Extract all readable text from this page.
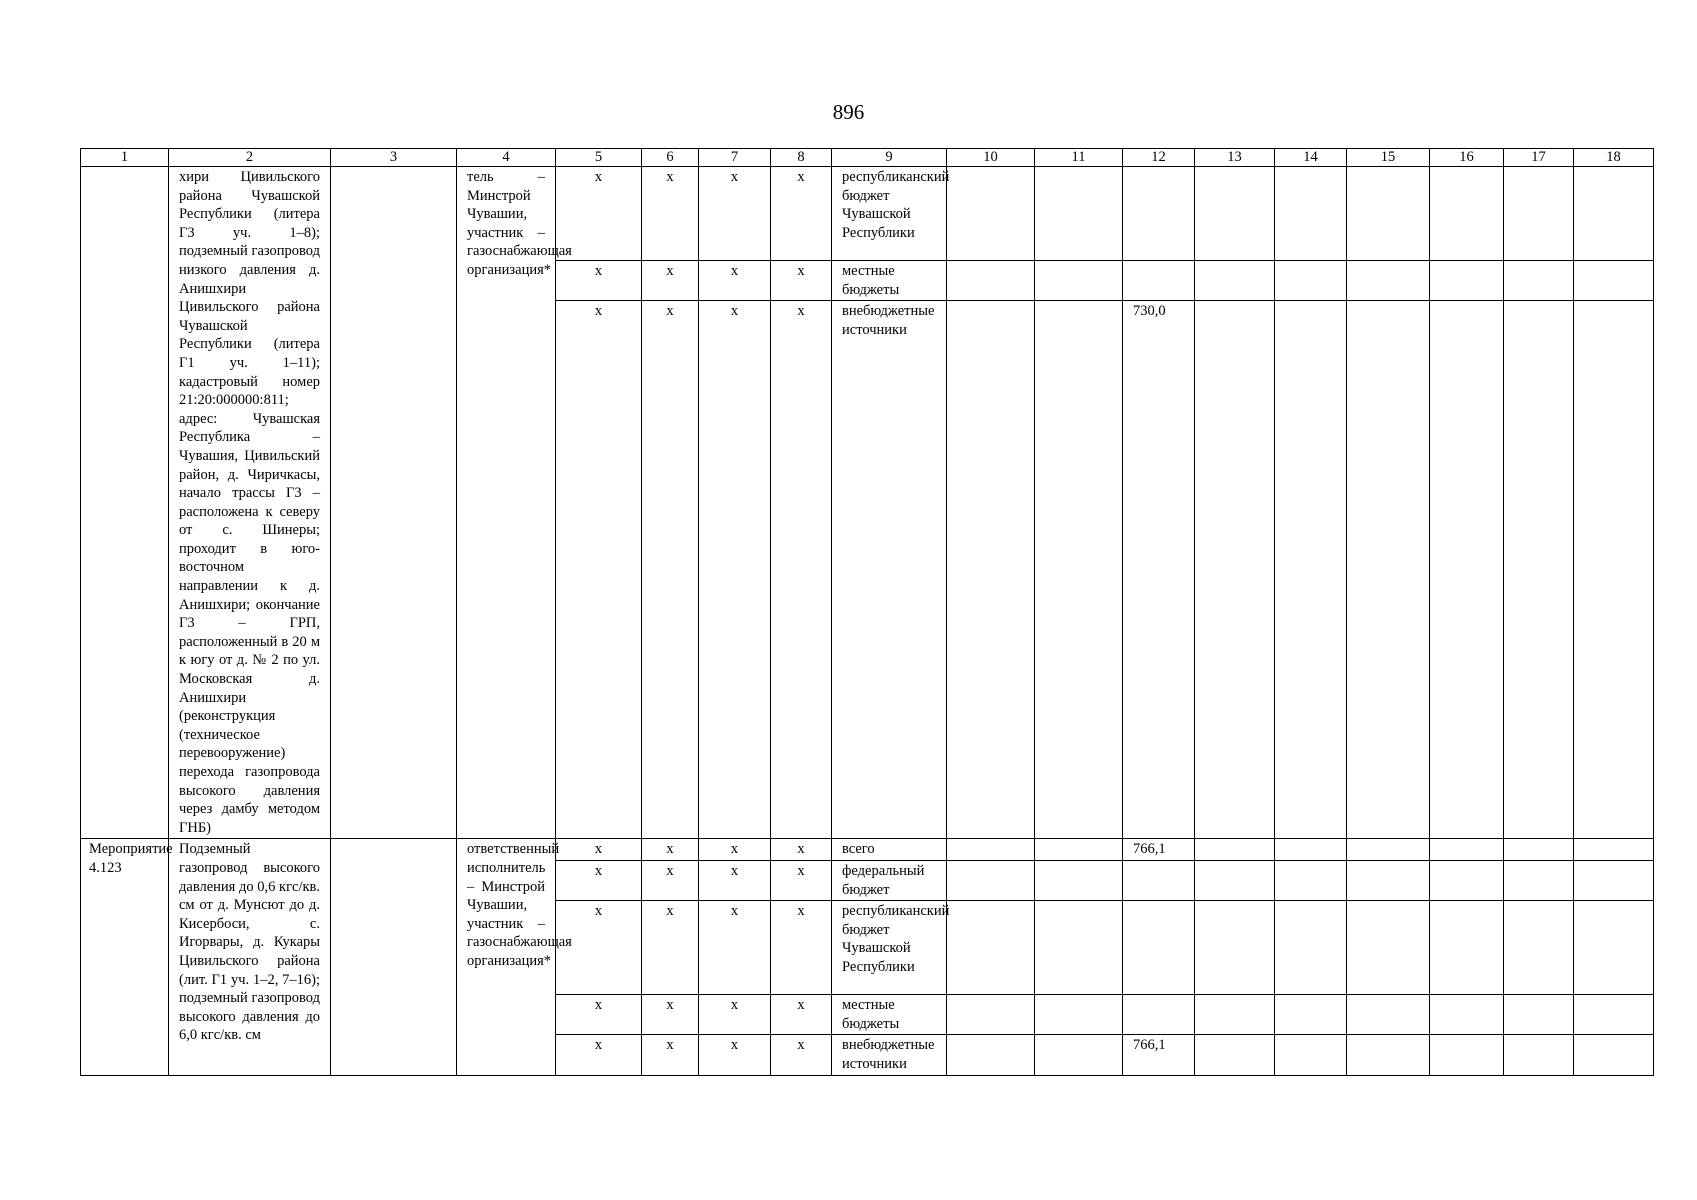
896
1	2	3	4	5	6	7	8	9	10	11	12	13	14	15	16	17	18
	хири Цивильского района Чувашской Республики (литера Г3 уч. 1–8); подземный газопровод низкого давления д. Анишхири Цивильского района Чувашской Республики (литера Г1 уч. 1–11); кадастровый номер 21:20:000000:811; адрес: Чувашская Республика – Чувашия, Цивильский район, д. Чиричкасы, начало трассы Г3 – расположена к северу от с. Шинеры; проходит в юго-восточном направлении к д. Анишхири; окончание Г3 – ГРП, расположенный в 20 м к югу от д. № 2 по ул. Московская д. Анишхири (реконструкция (техническое перевооружение) перехода газопровода высокого давления через дамбу методом ГНБ)		тель – Минстрой Чувашии, участник – газоснабжающая организация*	х	х	х	х	республиканский бюджет Чувашской Республики									
				х	х	х	х	местные бюджеты									
				х	х	х	х	внебюджетные источники			730,0						
Мероприятие 4.123	Подземный газопровод высокого давления до 0,6 кгс/кв. см от д. Мунсют до д. Кисербоси, с. Игорвары, д. Кукары Цивильского района (лит. Г1 уч. 1–2, 7–16); подземный газопровод высокого давления до 6,0 кгс/кв. см		ответственный исполнитель – Минстрой Чувашии, участник – газоснабжающая организация*	х	х	х	х	всего			766,1						
				х	х	х	х	федеральный бюджет									
				х	х	х	х	республиканский бюджет Чувашской Республики									
				х	х	х	х	местные бюджеты									
				х	х	х	х	внебюджетные источники			766,1						
